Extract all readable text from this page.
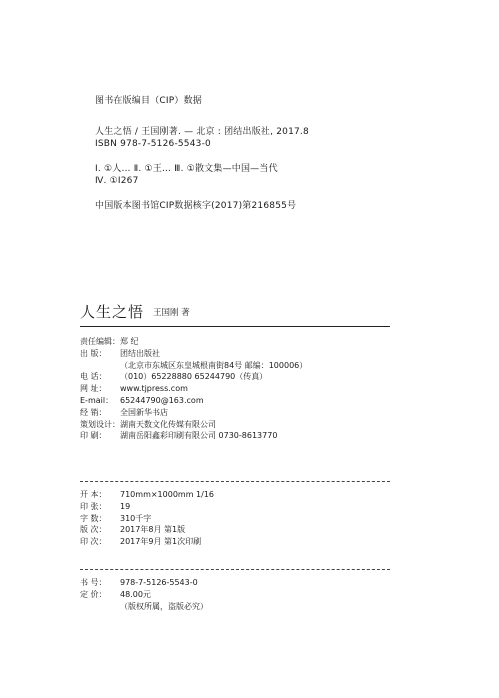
图书在版编目（CIP）数据
人生之悟 / 王国刚著. — 北京 : 团结出版社, 2017.8
ISBN 978-7-5126-5543-0
Ⅰ. ①人… Ⅱ. ①王… Ⅲ. ①散文集—中国—当代
Ⅳ. ①I267
中国版本图书馆CIP数据核字(2017)第216855号
人生之悟 王国刚 著
责任编辑： 郑 纪
出 版：	团结出版社
（北京市东城区东皇城根南街84号 邮编：100006）
电 话：	（010）65228880 65244790（传真）
网 址：	www.tjpress.com
E-mail： 65244790@163.com
经 销：	全国新华书店
策划设计： 湖南天数文化传媒有限公司
印 刷：	湖南岳阳鑫彩印刷有限公司 0730-8613770
开 本：	710mm×1000mm 1/16
印 张：	19
字 数：	310千字
版 次：	2017年8月 第1版
印 次：	2017年9月 第1次印刷
书 号：	978-7-5126-5543-0
定 价：	48.00元
（版权所属，盗版必究）
